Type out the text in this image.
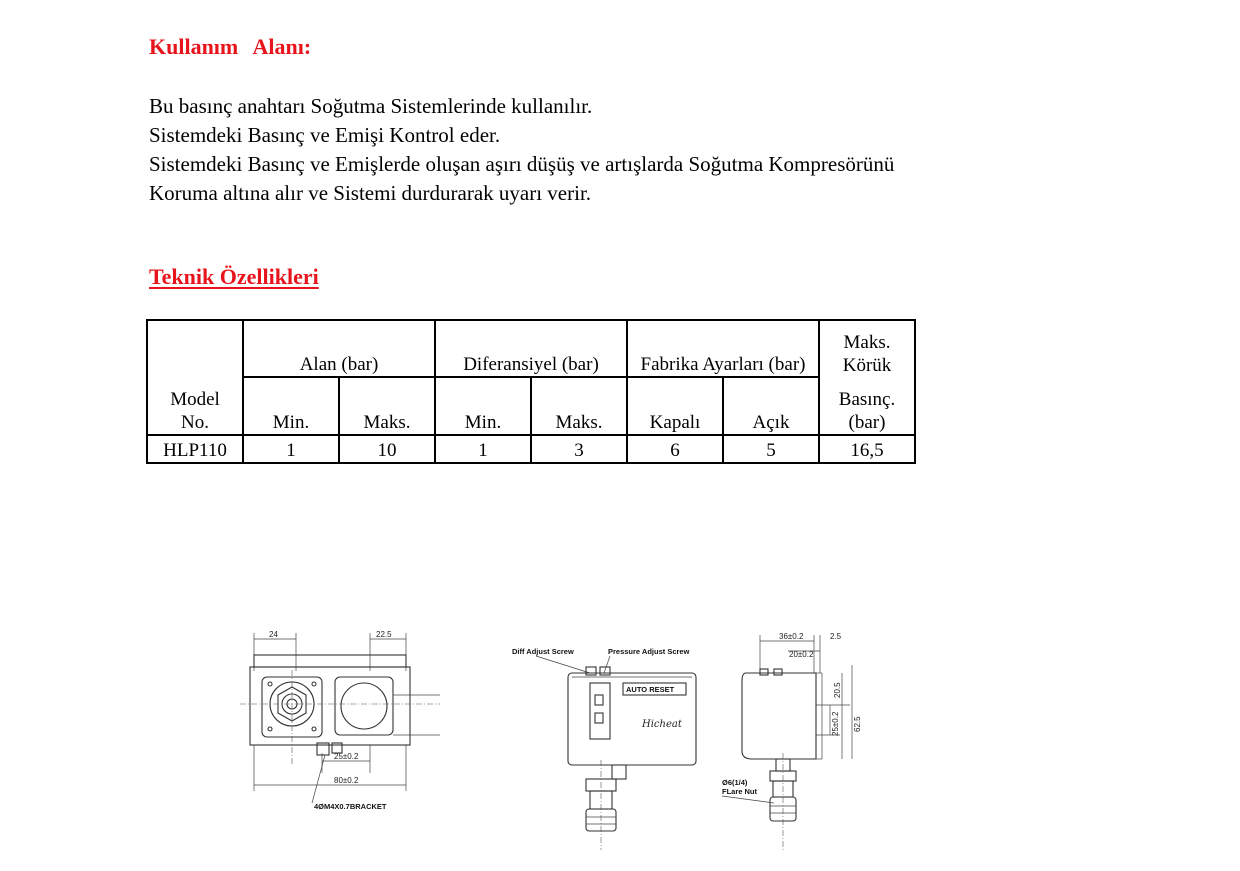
Kullanım Alanı:

Bu basınç anahtarı Soğutma Sistemlerinde kullanılır.

Sistemdeki Basınç ve Emişi Kontrol eder.

Sistemdeki Basınç ve Emişlerde oluşan aşırı düşüş ve artışlarda Soğutma Kompresörünü

Koruma altına alır ve Sistemi durdurarak uyarı verir.

Teknik Özellikleri
Model
No.	Alan (bar)		Diferansiyel (bar)		Fabrika Ayarları (bar)		Maks.
Körük

	Min.	Maks.	Min.	Maks.	Kapalı	Açık	Basınç.
(bar)

HLP110	1	10	1	3	6	5	16,5
24	22.5
25±0.2
80±0.2
4ØM4X0.7BRACKET
Diff Adjust Screw	Pressure Adjust Screw
AUTO RESET
Hicheat
36±0.2	2.5
20±0.2
20.5
25±0.2 62.5
Ø6(1/4)
FLare Nut
